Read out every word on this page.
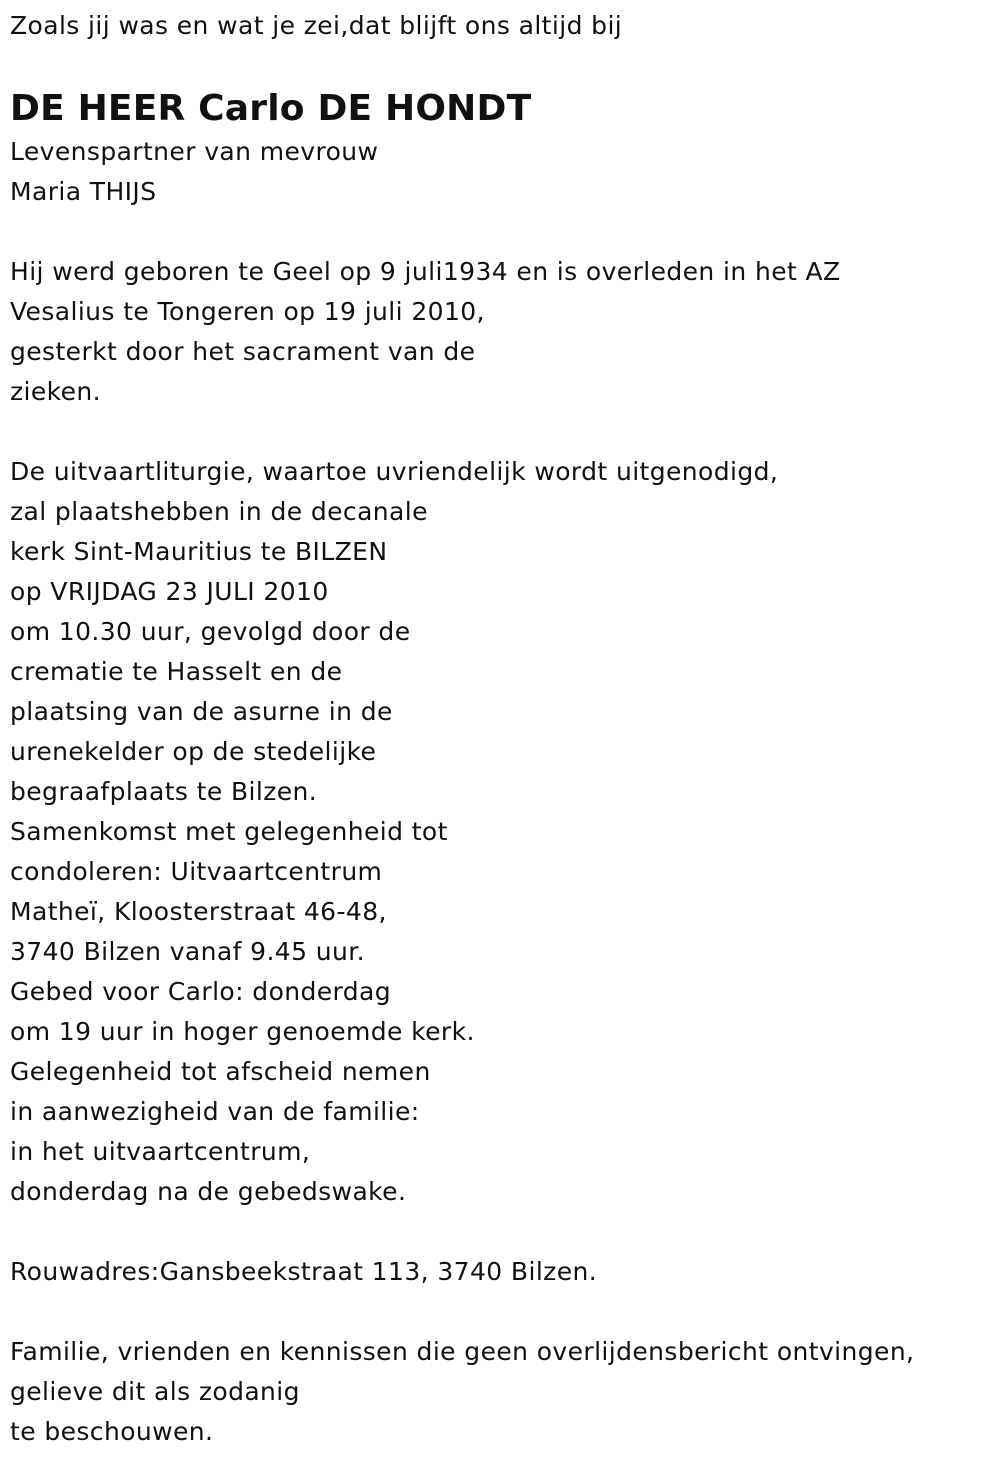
Zoals jij was en wat je zei,dat blijft ons altijd bij
DE HEER Carlo DE HONDT
Levenspartner van mevrouw
Maria THIJS
Hij werd geboren te Geel op 9 juli1934 en is overleden in het AZ
Vesalius te Tongeren op 19 juli 2010,
gesterkt door het sacrament van de
zieken.
De uitvaartliturgie, waartoe uvriendelijk wordt uitgenodigd,
zal plaatshebben in de decanale
kerk Sint-Mauritius te BILZEN
op VRIJDAG 23 JULI 2010
om 10.30 uur, gevolgd door de
crematie te Hasselt en de
plaatsing van de asurne in de
urenekelder op de stedelijke
begraafplaats te Bilzen.
Samenkomst met gelegenheid tot
condoleren: Uitvaartcentrum
Matheï, Kloosterstraat 46-48,
3740 Bilzen vanaf 9.45 uur.
Gebed voor Carlo: donderdag
om 19 uur in hoger genoemde kerk.
Gelegenheid tot afscheid nemen
in aanwezigheid van de familie:
in het uitvaartcentrum,
donderdag na de gebedswake.
Rouwadres:Gansbeekstraat 113, 3740 Bilzen.
Familie, vrienden en kennissen die geen overlijdensbericht ontvingen,
gelieve dit als zodanig
te beschouwen.
